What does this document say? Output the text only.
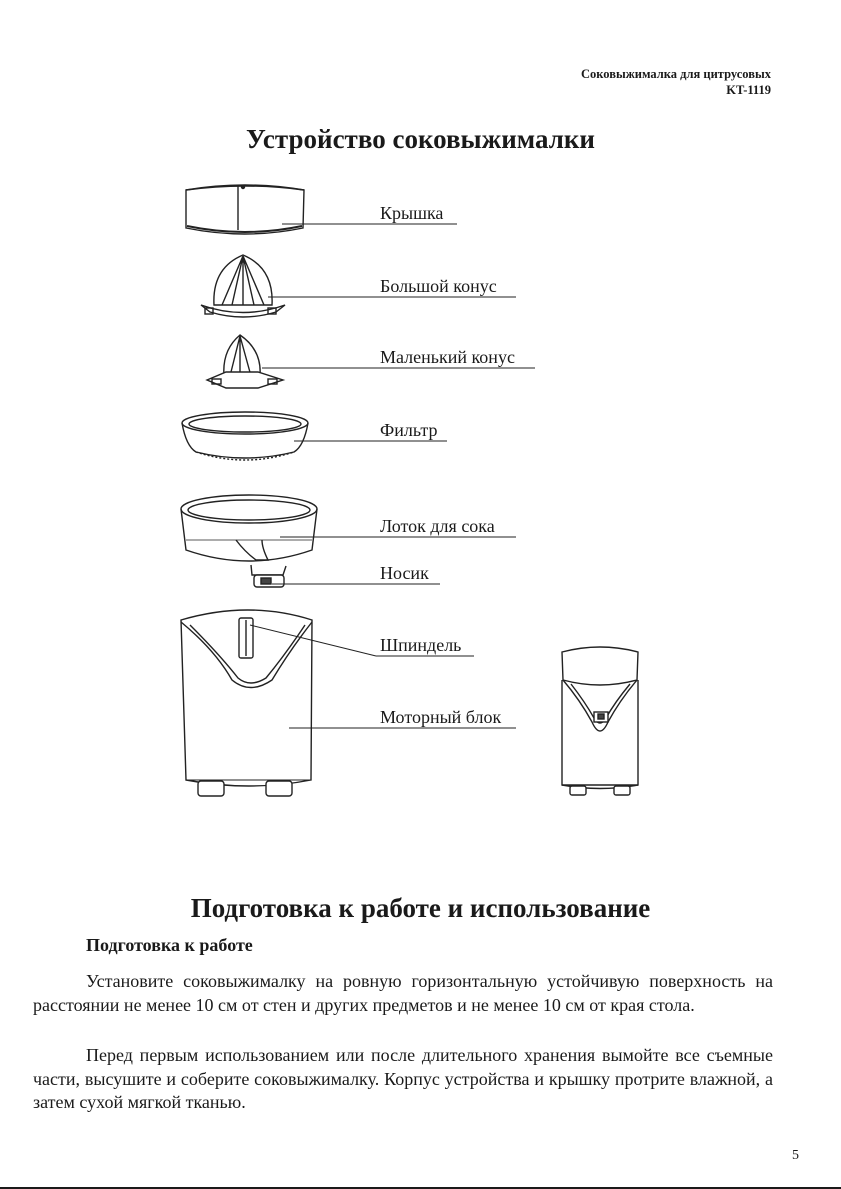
Соковыжималка для цитрусовых
KT-1119
Устройство соковыжималки
Крышка
Большой конус
Маленький конус
Фильтр
Лоток для сока
Носик
Шпиндель
Моторный блок
Подготовка к работе и использование
Подготовка к работе

Установите соковыжималку на ровную горизонтальную устойчивую поверхность на расстоянии не менее 10 см от стен и других предметов и не менее 10 см от края стола.

Перед первым использованием или после длительного хранения вымойте все съемные части, высушите и соберите соковыжималку. Корпус устройства и крышку протрите влажной, а затем сухой мягкой тканью.

5
